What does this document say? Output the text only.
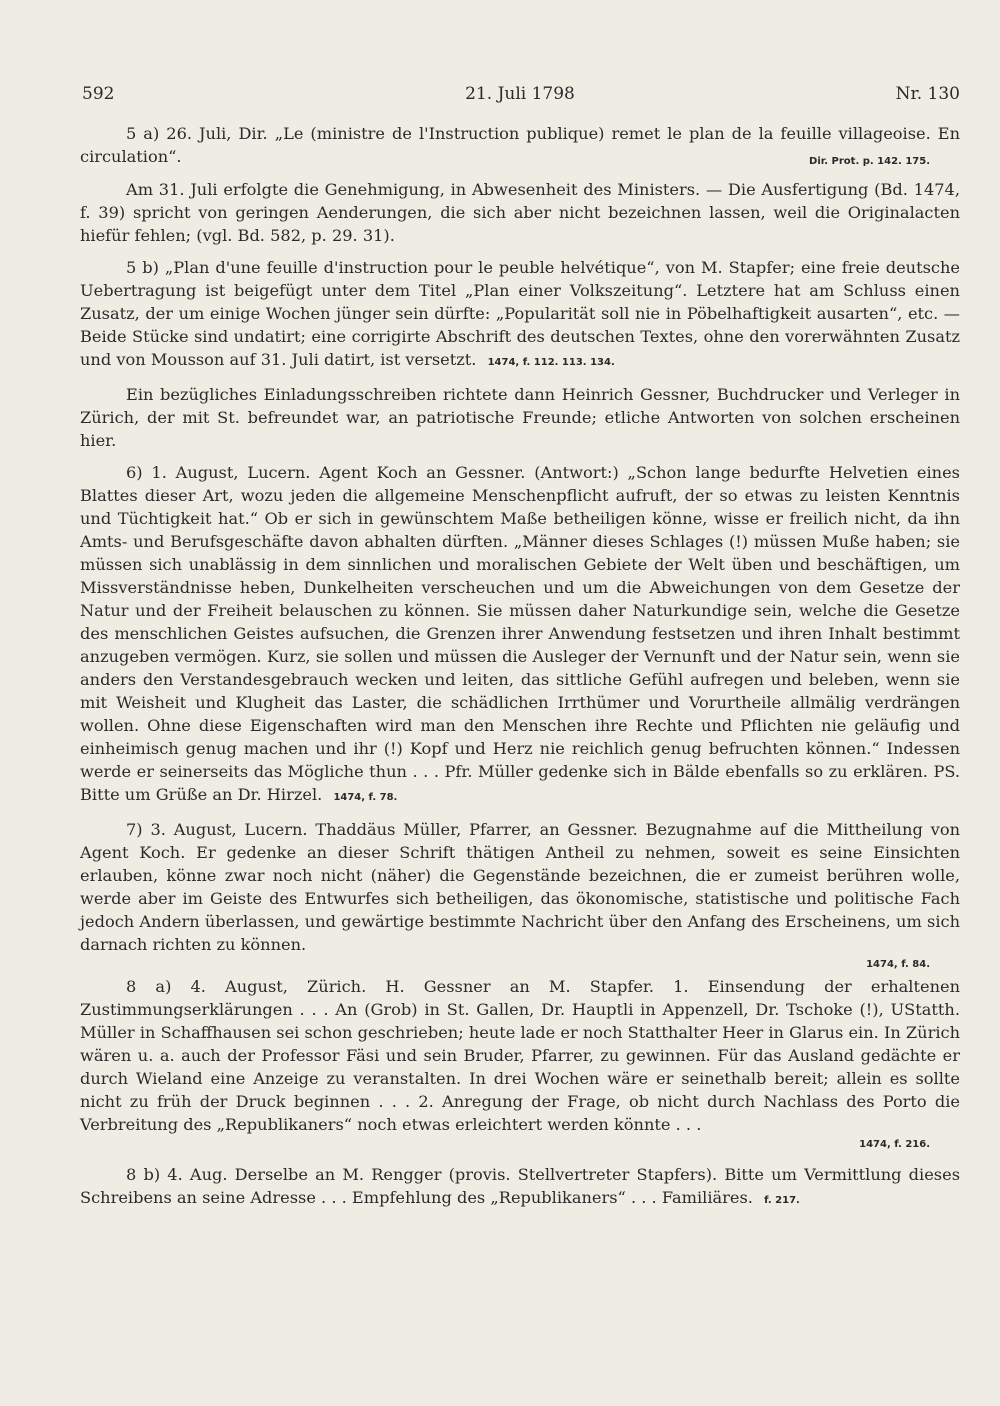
592	21. Juli 1798	Nr. 130

5 a) 26. Juli, Dir. „Le (ministre de l'Instruction publique) remet le plan de la feuille villageoise. En circulation“.	Dir. Prot. p. 142. 175.

Am 31. Juli erfolgte die Genehmigung, in Abwesenheit des Ministers. — Die Ausfertigung (Bd. 1474, f. 39) spricht von geringen Aenderungen, die sich aber nicht bezeichnen lassen, weil die Originalacten hiefür fehlen; (vgl. Bd. 582, p. 29. 31).

5 b) „Plan d'une feuille d'instruction pour le peuble helvétique“, von M. Stapfer; eine freie deutsche Uebertragung ist beigefügt unter dem Titel „Plan einer Volkszeitung“. Letztere hat am Schluss einen Zusatz, der um einige Wochen jünger sein dürfte: „Popularität soll nie in Pöbelhaftigkeit ausarten“, etc. — Beide Stücke sind undatirt; eine corrigirte Abschrift des deutschen Textes, ohne den vorerwähnten Zusatz und von Mousson auf 31. Juli datirt, ist versetzt. 1474, f. 112. 113. 134.

Ein bezügliches Einladungsschreiben richtete dann Heinrich Gessner, Buchdrucker und Verleger in Zürich, der mit St. befreundet war, an patriotische Freunde; etliche Antworten von solchen erscheinen hier.

6) 1. August, Lucern. Agent Koch an Gessner. (Antwort:) „Schon lange bedurfte Helvetien eines Blattes dieser Art, wozu jeden die allgemeine Menschenpflicht aufruft, der so etwas zu leisten Kenntnis und Tüchtigkeit hat.“ Ob er sich in gewünschtem Maße betheiligen könne, wisse er freilich nicht, da ihn Amts- und Berufsgeschäfte davon abhalten dürften. „Männer dieses Schlages (!) müssen Muße haben; sie müssen sich unablässig in dem sinnlichen und moralischen Gebiete der Welt üben und beschäftigen, um Missverständnisse heben, Dunkelheiten verscheuchen und um die Abweichungen von dem Gesetze der Natur und der Freiheit belauschen zu können. Sie müssen daher Naturkundige sein, welche die Gesetze des menschlichen Geistes aufsuchen, die Grenzen ihrer Anwendung festsetzen und ihren Inhalt bestimmt anzugeben vermögen. Kurz, sie sollen und müssen die Ausleger der Vernunft und der Natur sein, wenn sie anders den Verstandesgebrauch wecken und leiten, das sittliche Gefühl aufregen und beleben, wenn sie mit Weisheit und Klugheit das Laster, die schädlichen Irrthümer und Vorurtheile allmälig verdrängen wollen. Ohne diese Eigenschaften wird man den Menschen ihre Rechte und Pflichten nie geläufig und einheimisch genug machen und ihr (!) Kopf und Herz nie reichlich genug befruchten können.“ Indessen werde er seinerseits das Mögliche thun . . . Pfr. Müller gedenke sich in Bälde ebenfalls so zu erklären. PS. Bitte um Grüße an Dr. Hirzel. 1474, f. 78.

7) 3. August, Lucern. Thaddäus Müller, Pfarrer, an Gessner. Bezugnahme auf die Mittheilung von Agent Koch. Er gedenke an dieser Schrift thätigen Antheil zu nehmen, soweit es seine Einsichten erlauben, könne zwar noch nicht (näher) die Gegenstände bezeichnen, die er zumeist berühren wolle, werde aber im Geiste des Entwurfes sich betheiligen, das ökonomische, statistische und politische Fach jedoch Andern überlassen, und gewärtige bestimmte Nachricht über den Anfang des Erscheinens, um sich darnach richten zu können.

1474, f. 84.

8 a) 4. August, Zürich. H. Gessner an M. Stapfer. 1. Einsendung der erhaltenen Zustimmungserklärungen . . . An (Grob) in St. Gallen, Dr. Hauptli in Appenzell, Dr. Tschoke (!), UStatth. Müller in Schaffhausen sei schon geschrieben; heute lade er noch Statthalter Heer in Glarus ein. In Zürich wären u. a. auch der Professor Fäsi und sein Bruder, Pfarrer, zu gewinnen. Für das Ausland gedächte er durch Wieland eine Anzeige zu veranstalten. In drei Wochen wäre er seinethalb bereit; allein es sollte nicht zu früh der Druck beginnen . . . 2. Anregung der Frage, ob nicht durch Nachlass des Porto die Verbreitung des „Republikaners“ noch etwas erleichtert werden könnte . . .

1474, f. 216.

8 b) 4. Aug. Derselbe an M. Rengger (provis. Stellvertreter Stapfers). Bitte um Vermittlung dieses Schreibens an seine Adresse . . . Empfehlung des „Republikaners“ . . . Familiäres. f. 217.
